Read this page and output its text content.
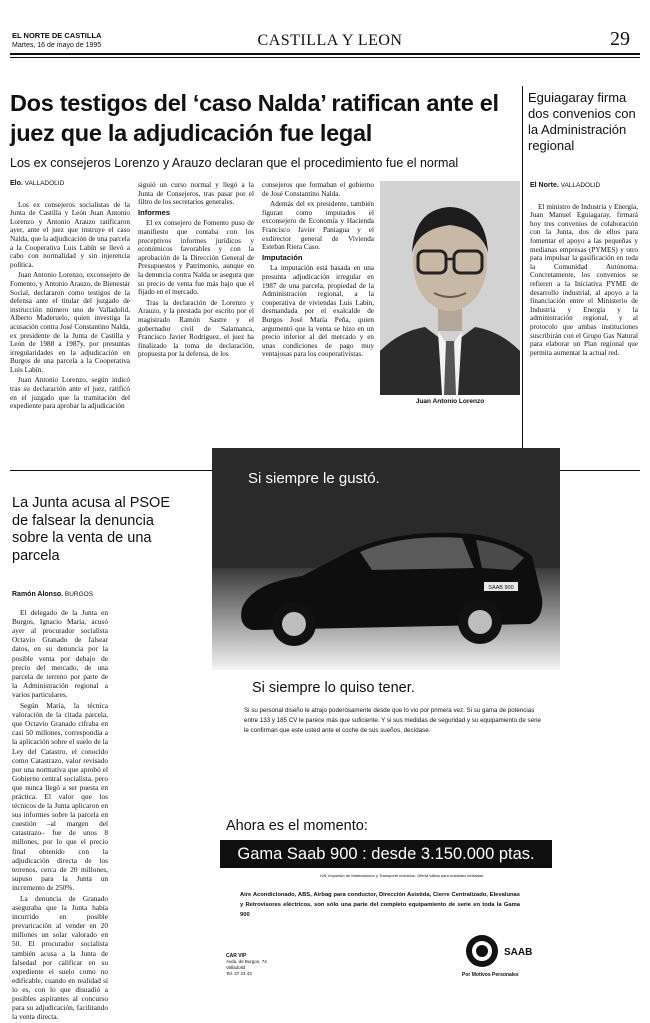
EL NORTE DE CASTILLA
Martes, 16 de mayo de 1995	CASTILLA Y LEON	29
Dos testigos del ‘caso Nalda’ ratifican ante el juez que la adjudicación fue legal
Los ex consejeros Lorenzo y Arauzo declaran que el procedimiento fue el normal
Elo. VALLADOLID

Los ex consejeros socialistas de la Junta de Castilla y León Juan Antonio Lorenzo y Antonio Arauzo ratificaron ayer, ante el juez que instruye el caso Nalda, que la adjudicación de una parcela a la Cooperativa Luis Labín se llevó a cabo con normalidad y sin injerencia política.

Juan Antonio Lorenzo, exconsejero de Fomento, y Antonio Arauzo, de Bienestar Social, declararon como testigos de la defensa ante el titular del juzgado de instrucción número uno de Valladolid, Alberto Maderuelo, quien investiga la acusación contra José Constantino Nalda, ex presidente de la Junta de Castilla y León de 1988 a 1987y, por presuntas irregularidades en la adjudicación en Burgos de una parcela a la Cooperativa Luis Labín.

Juan Antonio Lorenzo, según indicó tras su declaración ante el juez, ratificó en el juzgado que la tramitación del expediente para aprobar la adjudicación

siguió un curso normal y llegó a la Junta de Consejeros, tras pasar por el filtro de los secretarios generales.

Informes

El ex consejero de Fomento puso de manifiesto que contaba con los preceptivos informes jurídicos y económicos favorables y con la aprobación de la Dirección General de Presupuestos y Patrimonio, aunque en la denuncia contra Nalda se asegura que su precio de venta fue más bajo que el fijado en el mercado.

Tras la declaración de Lorenzo y Arauzo, y la prestada por escrito por el magistrado Ramón Sastre y el gobernador civil de Salamanca, Francisco Javier Rodríguez, el juez ha finalizado la toma de declaración, propuesta por la defensa, de los

consejeros que formaban el gobierno de José Constantino Nalda.

Además del ex presidente, también figuran como imputados el exconsejero de Economía y Hacienda Francisco Javier Paniagua y el exdirector general de Vivienda Esteban Riera Caso.

Imputación

La imputación está basada en una presunta adjudicación irregular en 1987 de una parcela, propiedad de la Administración regional, a la cooperativa de viviendas Luis Labín, desmandada por el exalcalde de Burgos José María Peña, quien argumentó que la venta se hizo en un precio inferior al del mercado y en unas condiciones de pago muy ventajosas para los cooperativistas.

Juan Antonio Lorenzo
Eguiagaray firma dos convenios con la Administración regional
El Norte. VALLADOLID

El ministro de Industria y Energía, Juan Manuel Eguiagaray, firmará hoy tres convenios de colaboración con la Junta, dos de ellos para fomentar el apoyo a las pequeñas y medianas empresas (PYMES) y otro para impulsar la gasificación en toda la Comunidad Autónoma. Concretamente, los convenios se refieren a la Iniciativa PYME de desarrollo industrial, al apoyo a la financiación entre el Ministerio de Industria y Energía y la administración regional, y al protocolo que ambas instituciones suscribirán con el Grupo Gas Natural para elaborar un Plan regional que permita aumentar la actual red.

La Junta acusa al PSOE de falsear la denuncia sobre la venta de una parcela
Ramón Alonso. BURGOS

El delegado de la Junta en Burgos, Ignacio María, acusó ayer al procurador socialista Octavio Granado de falsear datos, en su denuncia por la posible venta por debajo de precio del mercado, de una parcela de terreno por parte de la Administración regional a varios particulares.

Según María, la técnica valoración de la citada parcela, que Octavio Granado cifraba en casi 50 millones, correspondía a la aplicación sobre el suelo de la Ley del Catastro, el conocido como Catastrazo, valor revisado por una normativa que aprobó el Gobierno central socialista, pero que nunca llegó a ser puesta en práctica. El valor que los técnicos de la Junta aplicaron en sus informes sobre la parcela en cuestión –al margen del catastrazo– fue de unos 8 millones, por lo que el precio final obtenido con la adjudicación directa de los terrenos, cerca de 20 millones, supuso para la Junta un incremento de 250%.

La denuncia de Granado aseguraba que la Junta había incurrido en posible prevaricación al vender en 20 millones un solar valorado en 50. El procurador socialista también acusa a la Junta de falsedad por calificar en su expediente el suelo como no edificable, cuando en realidad sí lo es, con lo que disuadió a posibles aspirantes al concurso para su adjudicación, facilitando la venta directa.

SAAB 900
Si siempre le gustó.
Si siempre lo quiso tener.
Si su personal diseño le atrajo poderosamente desde que lo vio por primera vez. Si su gama de potencias entre 133 y 185 CV le parece más que suficiente. Y si sus medidas de seguridad y su equipamiento de serie le confirman que este usted ante el coche de sus sueños, decídase.
Ahora es el momento:
Gama Saab 900 : desde 3.150.000 ptas.
IVA, impuesto de Matriculación y Transporte incluidos. Oferta válida para unidades limitadas.
Aire Acondicionado, ABS, Airbag para conductor, Dirección Asistida, Cierre Centralizado, Elevalunas y Retrovisores eléctricos, son sólo una parte del completo equipamiento de serie en toda la Gama 900
CAR VIP
Avda. de Burgos, 74
Valladolid
Tel. 37 23 43
SAAB
Por Motivos Personales
